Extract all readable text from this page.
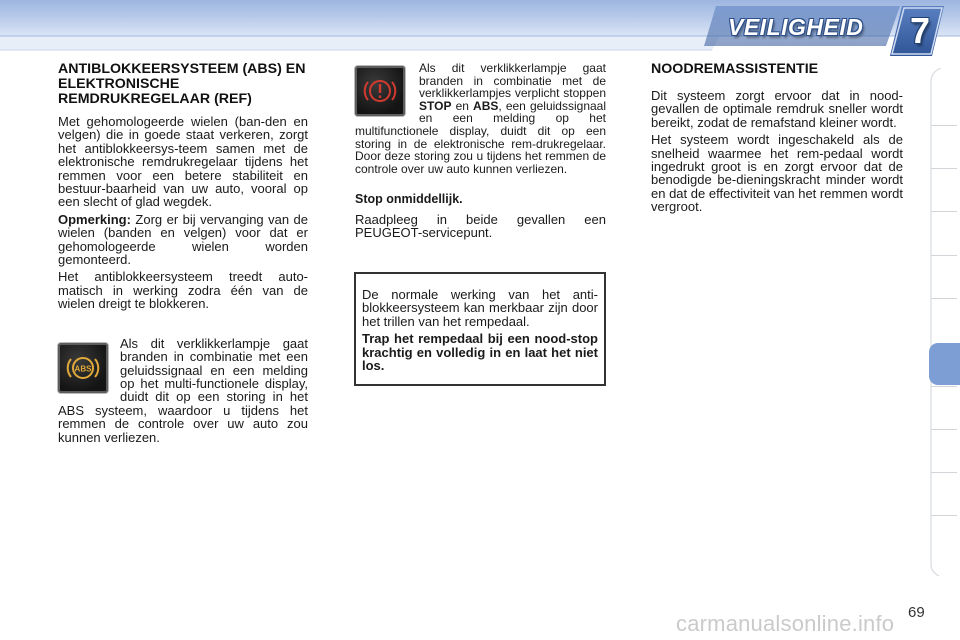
VEILIGHEID 7
ANTIBLOKKEERSYSTEEM (ABS) EN ELEKTRONISCHE REMDRUKREGELAAR (REF)

Met gehomologeerde wielen (ban-den en velgen) die in goede staat verkeren, zorgt het antiblokkeersys-teem samen met de elektronische remdrukregelaar tijdens het remmen voor een betere stabiliteit en bestuur-baarheid van uw auto, vooral op een slecht of glad wegdek.

Opmerking: Zorg er bij vervanging van de wielen (banden en velgen) voor dat er gehomologeerde wielen worden gemonteerd.

Het antiblokkeersysteem treedt auto-matisch in werking zodra één van de wielen dreigt te blokkeren.

ABS

Als dit verklikkerlampje gaat branden in combinatie met een geluidssignaal en een melding op het multi-functionele display, duidt dit op een storing in het ABS systeem, waardoor u tijdens het remmen de controle over uw auto zou kunnen verliezen.

Als dit verklikkerlampje gaat branden in combinatie met de verklikkerlampjes verplicht stoppen STOP en ABS, een geluidssignaal en een melding op het multifunctionele display, duidt dit op een storing in de elektronische rem-drukregelaar. Door deze storing zou u tijdens het remmen de controle over uw auto kunnen verliezen.

Stop onmiddellijk.

Raadpleeg in beide gevallen een PEUGEOT-servicepunt.

De normale werking van het anti-blokkeersysteem kan merkbaar zijn door het trillen van het rempedaal.

Trap het rempedaal bij een nood-stop krachtig en volledig in en laat het niet los.

NOODREMASSISTENTIE

Dit systeem zorgt ervoor dat in nood-gevallen de optimale remdruk sneller wordt bereikt, zodat de remafstand kleiner wordt.

Het systeem wordt ingeschakeld als de snelheid waarmee het rem-pedaal wordt ingedrukt groot is en zorgt ervoor dat de benodigde be-dieningskracht minder wordt en dat de effectiviteit van het remmen wordt vergroot.

carmanualsonline.info 69
